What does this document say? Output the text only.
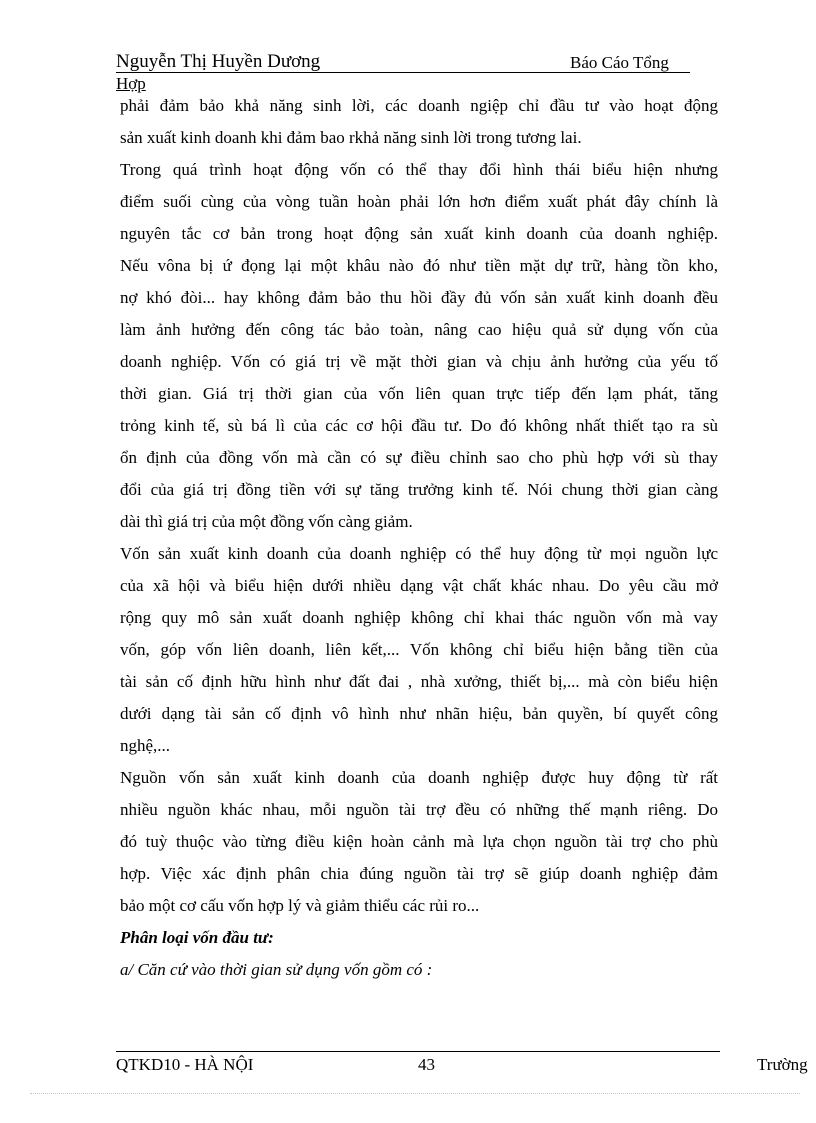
Nguyễn Thị Huyền Dương	Báo Cáo Tổng
Hợp

phải đảm bảo khả năng sinh lời, các doanh ngiệp chỉ đầu tư vào hoạt động
sản xuất kinh doanh khi đảm bao rkhả năng sinh lời trong tương lai.

Trong quá trình hoạt động vốn có thể thay đổi hình thái biểu hiện nhưng
điểm suối cùng của vòng tuần hoàn phải lớn hơn điểm xuất phát đây chính là
nguyên tắc cơ bản trong hoạt động sản xuất kinh doanh của doanh nghiệp.
Nếu vôna bị ứ đọng lại một khâu nào đó như tiền mặt dự trữ, hàng tồn kho,
nợ khó đòi... hay không đảm bảo thu hồi đầy đủ vốn sản xuất kinh doanh đều
làm ảnh hưởng đến công tác bảo toàn, nâng cao hiệu quả sử dụng vốn của
doanh nghiệp. Vốn có giá trị về mặt thời gian và chịu ảnh hưởng của yếu tố
thời gian. Giá trị thời gian của vốn liên quan trực tiếp đến lạm phát, tăng
trỏng kinh tế, sù bá lì của các cơ hội đầu tư. Do đó không nhất thiết tạo ra sù
ổn định của đồng vốn mà cần có sự điều chỉnh sao cho phù hợp với sù thay
đổi của giá trị đồng tiền với sự tăng trưởng kinh tế. Nói chung thời gian càng
dài thì giá trị của một đồng vốn càng giảm.

Vốn sản xuất kinh doanh của doanh nghiệp có thể huy động từ mọi nguồn lực
của xã hội và biểu hiện dưới nhiều dạng vật chất khác nhau. Do yêu cầu mở
rộng quy mô sản xuất doanh nghiệp không chỉ khai thác nguồn vốn mà vay
vốn, góp vốn liên doanh, liên kết,... Vốn không chỉ biểu hiện bằng tiền của
tài sản cố định hữu hình như đất đai , nhà xưởng, thiết bị,... mà còn biểu hiện
dưới dạng tài sản cố định vô hình như nhãn hiệu, bản quyền, bí quyết công
nghệ,...

Nguồn vốn sản xuất kinh doanh của doanh nghiệp được huy động từ rất
nhiều nguồn khác nhau, mỗi nguồn tài trợ đều có những thế mạnh riêng. Do
đó tuỳ thuộc vào từng điều kiện hoàn cảnh mà lựa chọn nguồn tài trợ cho phù
hợp. Việc xác định phân chia đúng nguồn tài trợ sẽ giúp doanh nghiệp đảm
bảo một cơ cấu vốn hợp lý và giảm thiểu các rủi ro...

Phân loại vốn đầu tư:

a/ Căn cứ vào thời gian sử dụng vốn gồm có :

QTKD10 - HÀ NỘI	43	Trường
